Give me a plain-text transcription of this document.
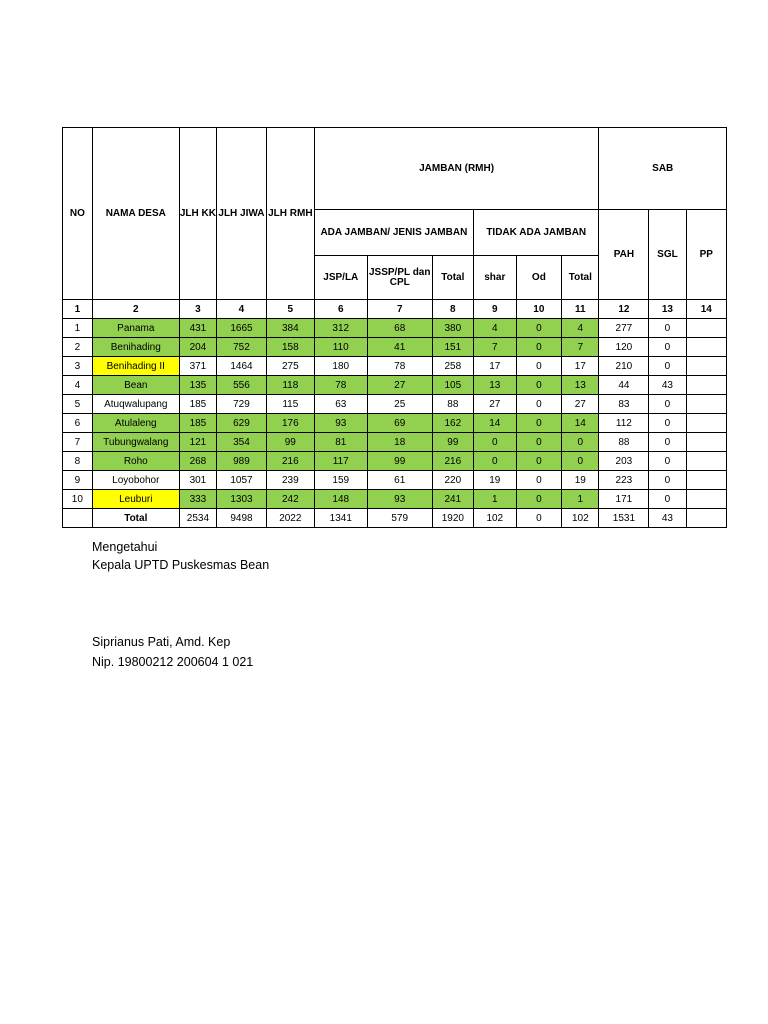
NO	NAMA DESA	JLH KK	JLH JIWA	JLH RMH	JAMBAN (RMH)						SAB		
					ADA JAMBAN/ JENIS JAMBAN			TIDAK ADA JAMBAN			PAH	SGL	PP
					JSP/LA	JSSP/PL dan CPL	Total	shar	Od	Total			
1	2	3	4	5	6	7	8	9	10	11	12	13	14
1	Panama	431	1665	384	312	68	380	4	0	4	277	0	
2	Benihading	204	752	158	110	41	151	7	0	7	120	0	
3	Benihading II	371	1464	275	180	78	258	17	0	17	210	0	
4	Bean	135	556	118	78	27	105	13	0	13	44	43	
5	Atuqwalupang	185	729	115	63	25	88	27	0	27	83	0	
6	Atulaleng	185	629	176	93	69	162	14	0	14	112	0	
7	Tubungwalang	121	354	99	81	18	99	0	0	0	88	0	
8	Roho	268	989	216	117	99	216	0	0	0	203	0	
9	Loyobohor	301	1057	239	159	61	220	19	0	19	223	0	
10	Leuburi	333	1303	242	148	93	241	1	0	1	171	0	
	Total	2534	9498	2022	1341	579	1920	102	0	102	1531	43	
Mengetahui
Kepala UPTD Puskesmas Bean
Siprianus Pati, Amd. Kep
Nip. 19800212 200604 1 021
